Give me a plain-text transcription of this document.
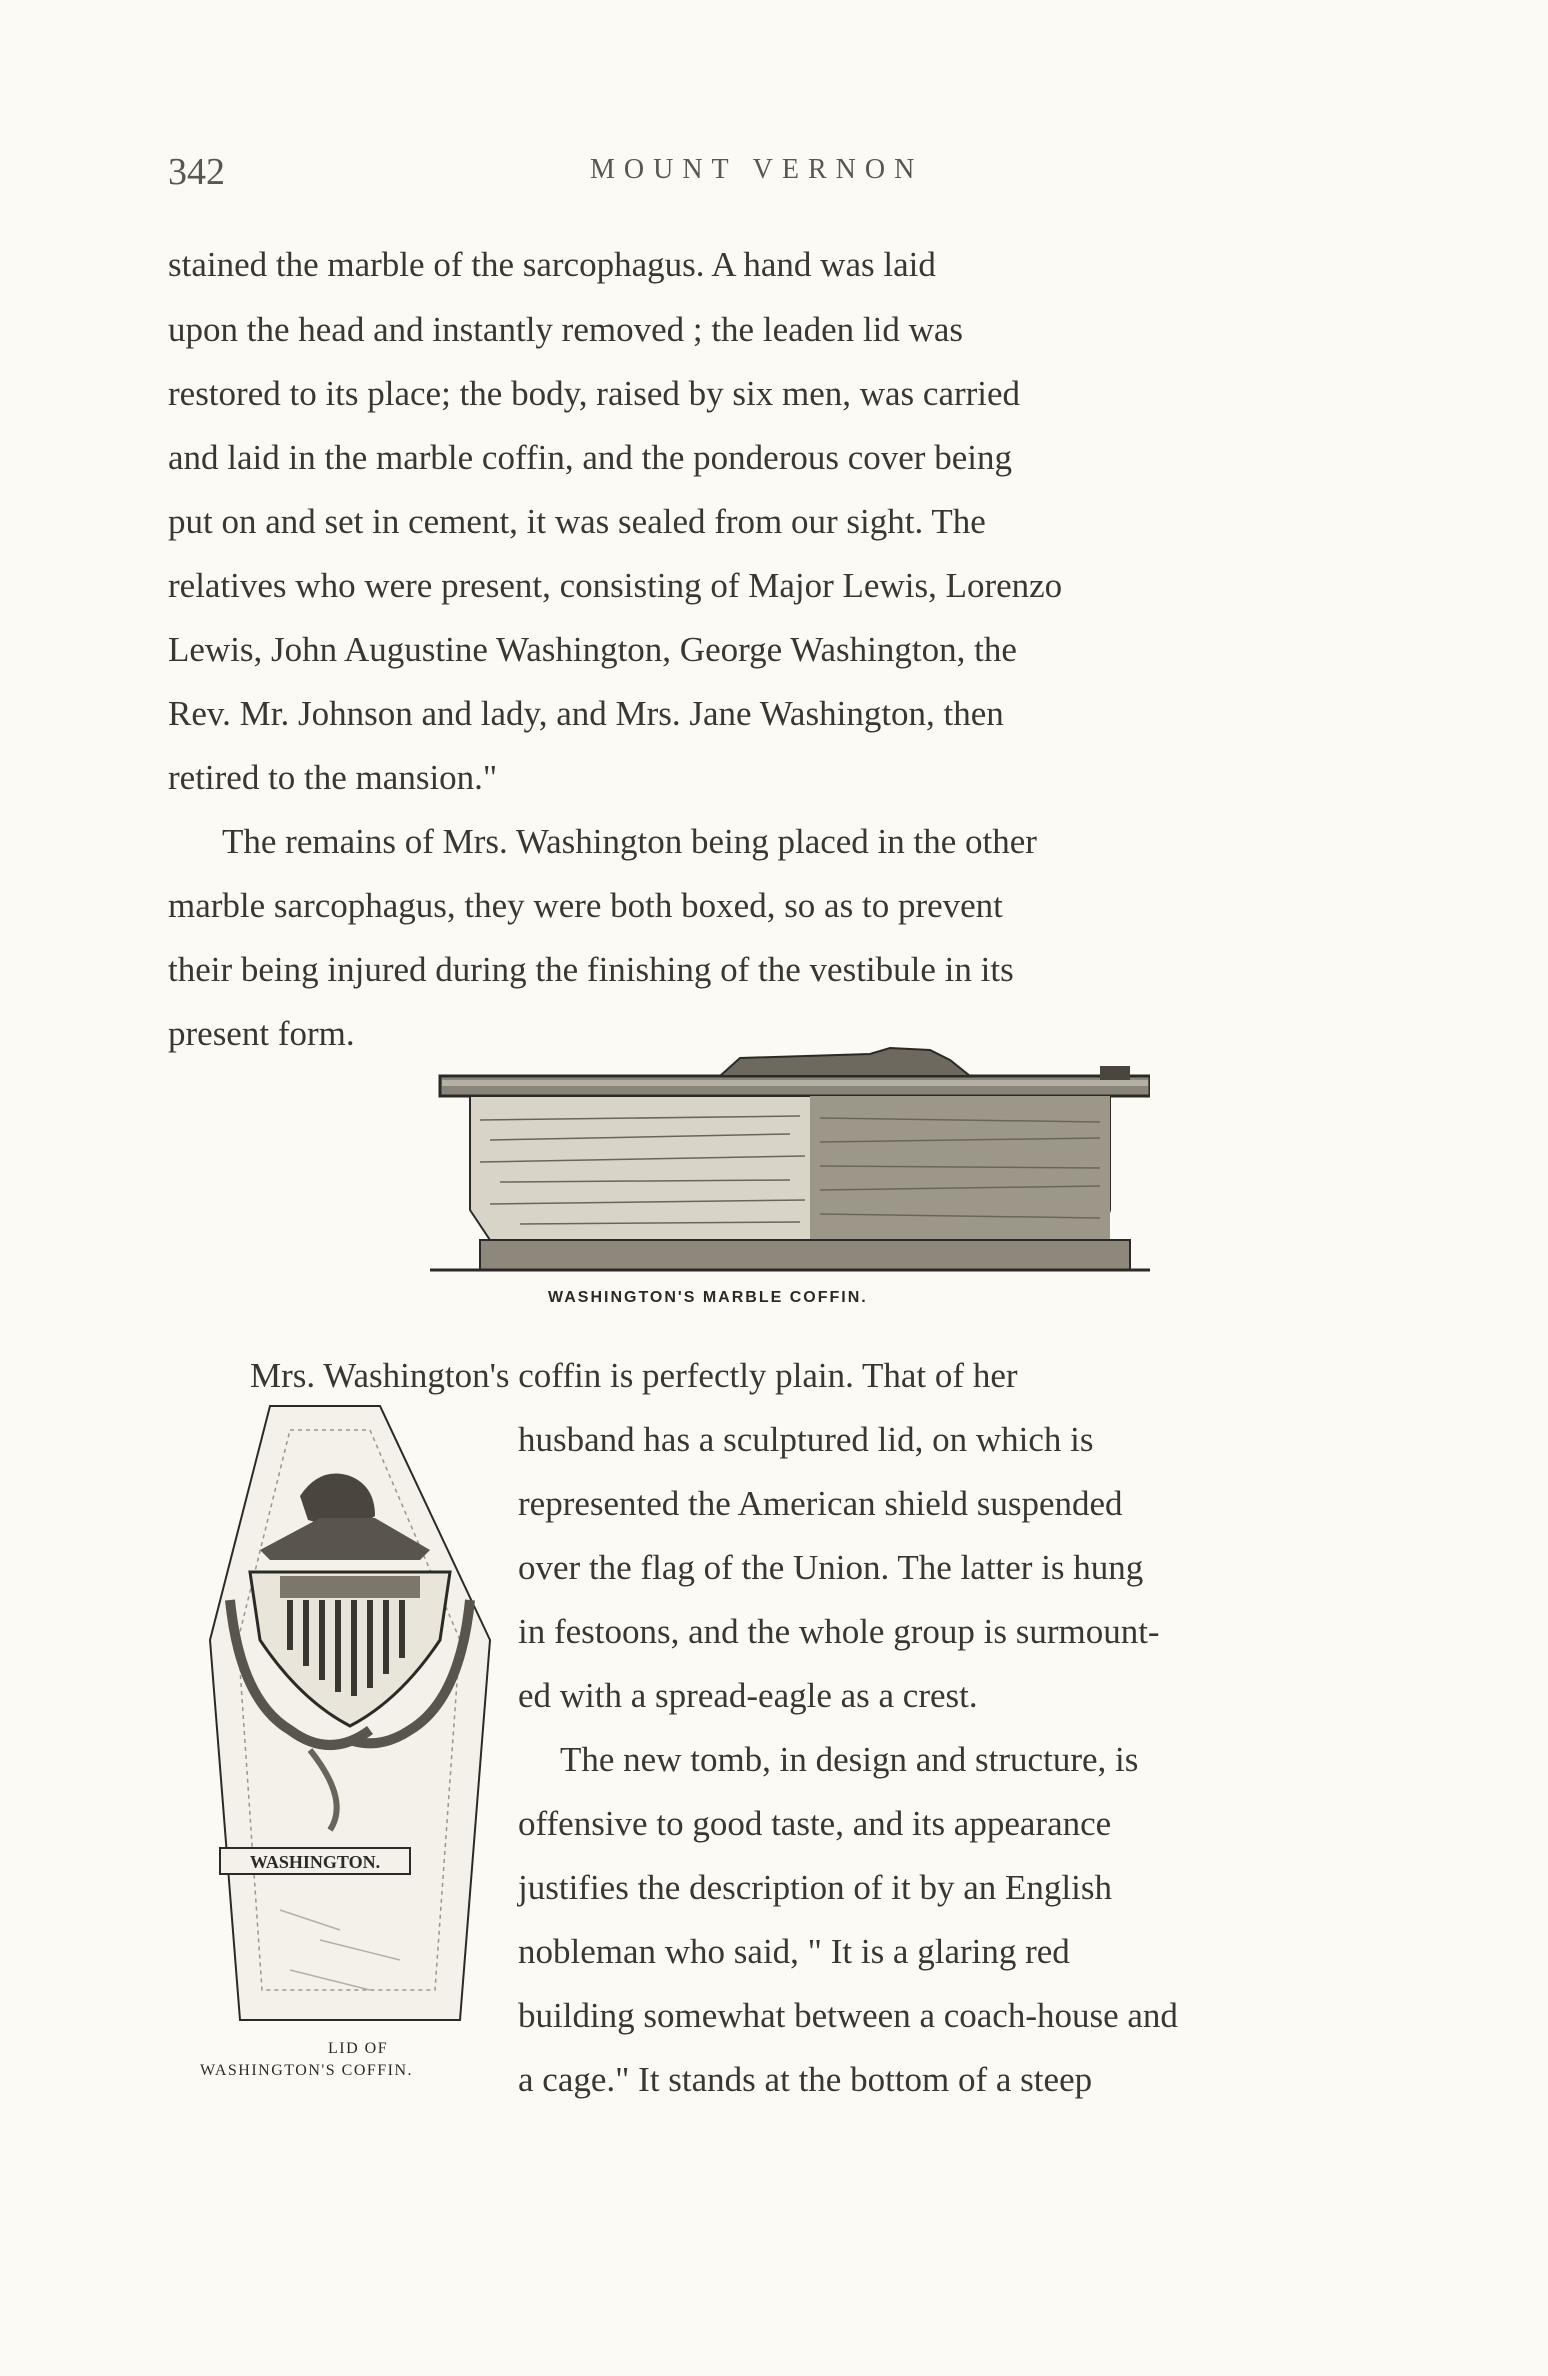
342	MOUNT VERNON

stained the marble of the sarcophagus. A hand was laid

upon the head and instantly removed ; the leaden lid was

restored to its place; the body, raised by six men, was carried

and laid in the marble coffin, and the ponderous cover being

put on and set in cement, it was sealed from our sight. The

relatives who were present, consisting of Major Lewis, Lorenzo

Lewis, John Augustine Washington, George Washington, the

Rev. Mr. Johnson and lady, and Mrs. Jane Washington, then

retired to the mansion."

The remains of Mrs. Washington being placed in the other

marble sarcophagus, they were both boxed, so as to prevent

their being injured during the finishing of the vestibule in its

present form.

WASHINGTON'S MARBLE COFFIN.

Mrs. Washington's coffin is perfectly plain. That of her

husband has a sculptured lid, on which is

represented the American shield suspended

over the flag of the Union. The latter is hung

in festoons, and the whole group is surmount-

ed with a spread-eagle as a crest.

The new tomb, in design and structure, is

offensive to good taste, and its appearance

justifies the description of it by an English

nobleman who said, " It is a glaring red

building somewhat between a coach-house and

a cage." It stands at the bottom of a steep

WASHINGTON.

LID OF

WASHINGTON'S COFFIN.
